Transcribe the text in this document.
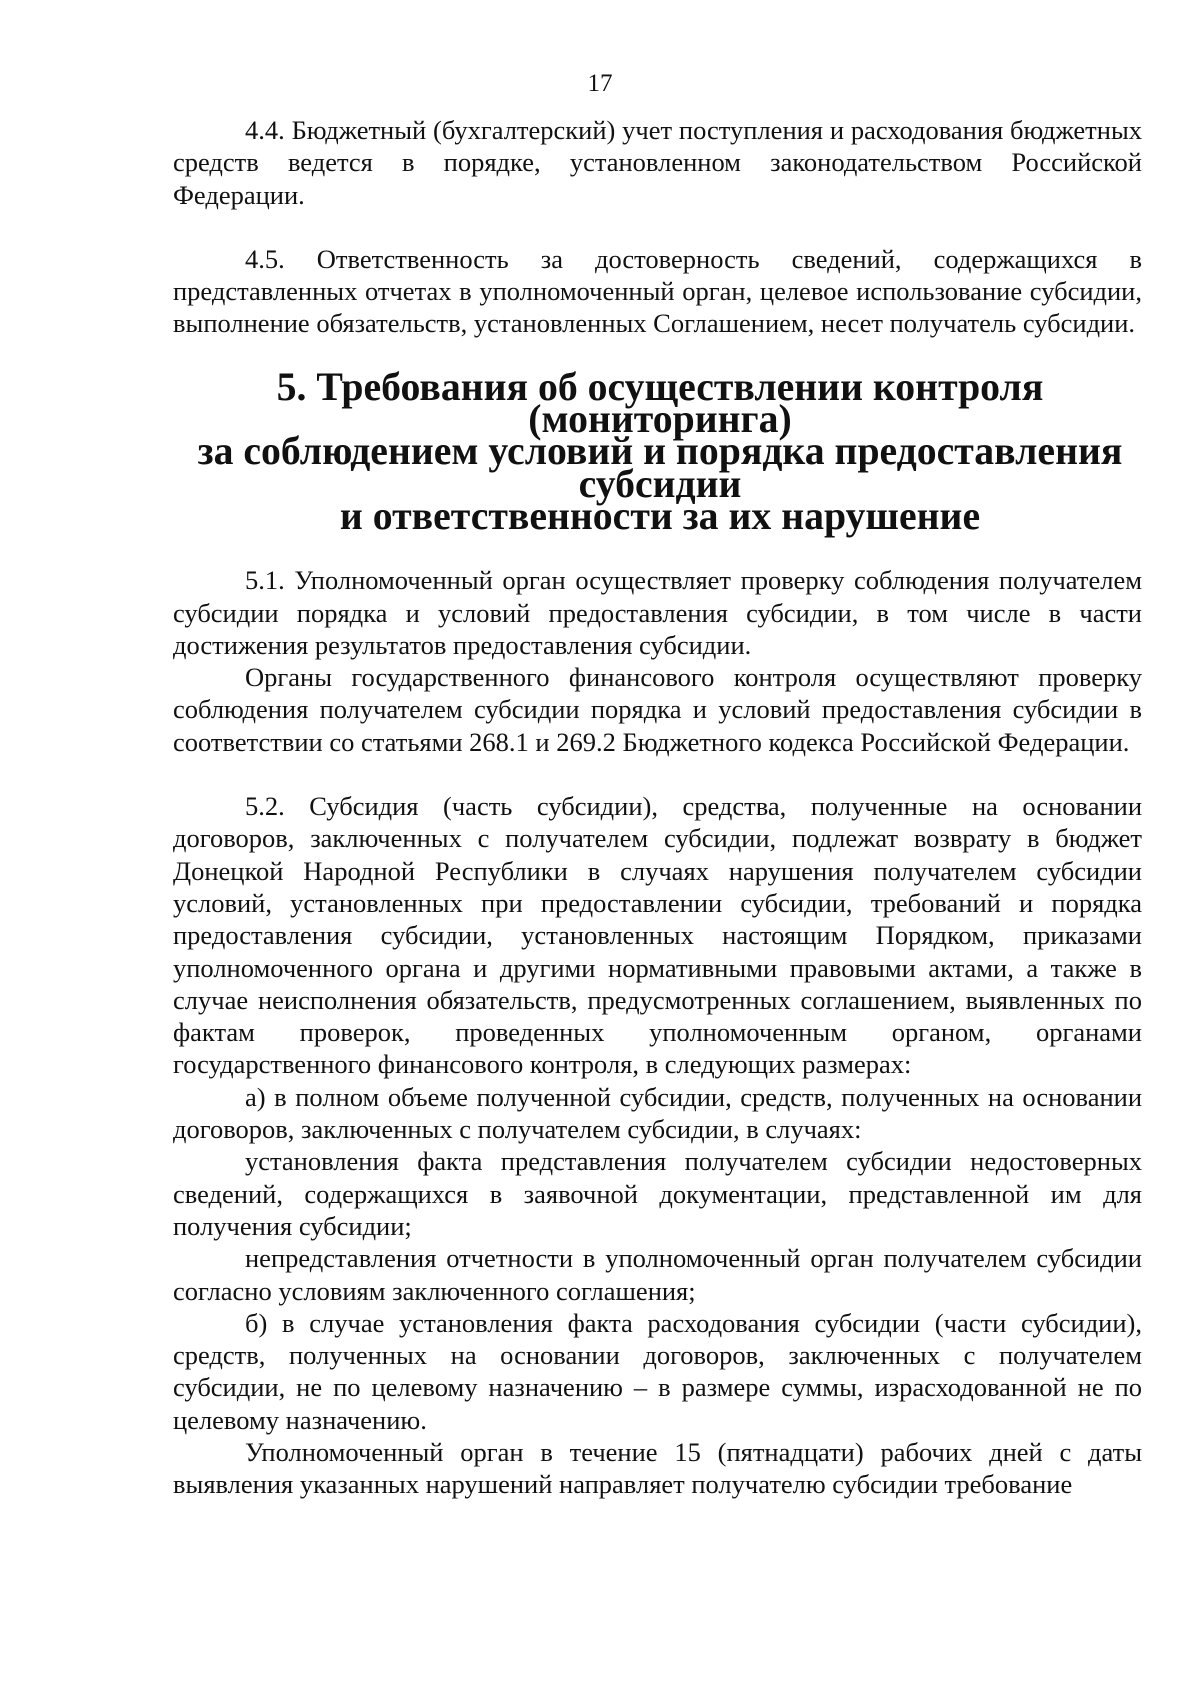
17

4.4. Бюджетный (бухгалтерский) учет поступления и расходования бюджетных средств ведется в порядке, установленном законодательством Российской Федерации.

4.5. Ответственность за достоверность сведений, содержащихся в представленных отчетах в уполномоченный орган, целевое использование субсидии, выполнение обязательств, установленных Соглашением, несет получатель субсидии.

5. Требования об осуществлении контроля (мониторинга)
за соблюдением условий и порядка предоставления субсидии
и ответственности за их нарушение

5.1. Уполномоченный орган осуществляет проверку соблюдения получателем субсидии порядка и условий предоставления субсидии, в том числе в части достижения результатов предоставления субсидии.

Органы государственного финансового контроля осуществляют проверку соблюдения получателем субсидии порядка и условий предоставления субсидии в соответствии со статьями 268.1 и 269.2 Бюджетного кодекса Российской Федерации.

5.2. Субсидия (часть субсидии), средства, полученные на основании договоров, заключенных с получателем субсидии, подлежат возврату в бюджет Донецкой Народной Республики в случаях нарушения получателем субсидии условий, установленных при предоставлении субсидии, требований и порядка предоставления субсидии, установленных настоящим Порядком, приказами уполномоченного органа и другими нормативными правовыми актами, а также в случае неисполнения обязательств, предусмотренных соглашением, выявленных по фактам проверок, проведенных уполномоченным органом, органами государственного финансового контроля, в следующих размерах:

а) в полном объеме полученной субсидии, средств, полученных на основании договоров, заключенных с получателем субсидии, в случаях:

установления факта представления получателем субсидии недостоверных сведений, содержащихся в заявочной документации, представленной им для получения субсидии;

непредставления отчетности в уполномоченный орган получателем субсидии согласно условиям заключенного соглашения;

б) в случае установления факта расходования субсидии (части субсидии), средств, полученных на основании договоров, заключенных с получателем субсидии, не по целевому назначению – в размере суммы, израсходованной не по целевому назначению.

Уполномоченный орган в течение 15 (пятнадцати) рабочих дней с даты выявления указанных нарушений направляет получателю субсидии требование
